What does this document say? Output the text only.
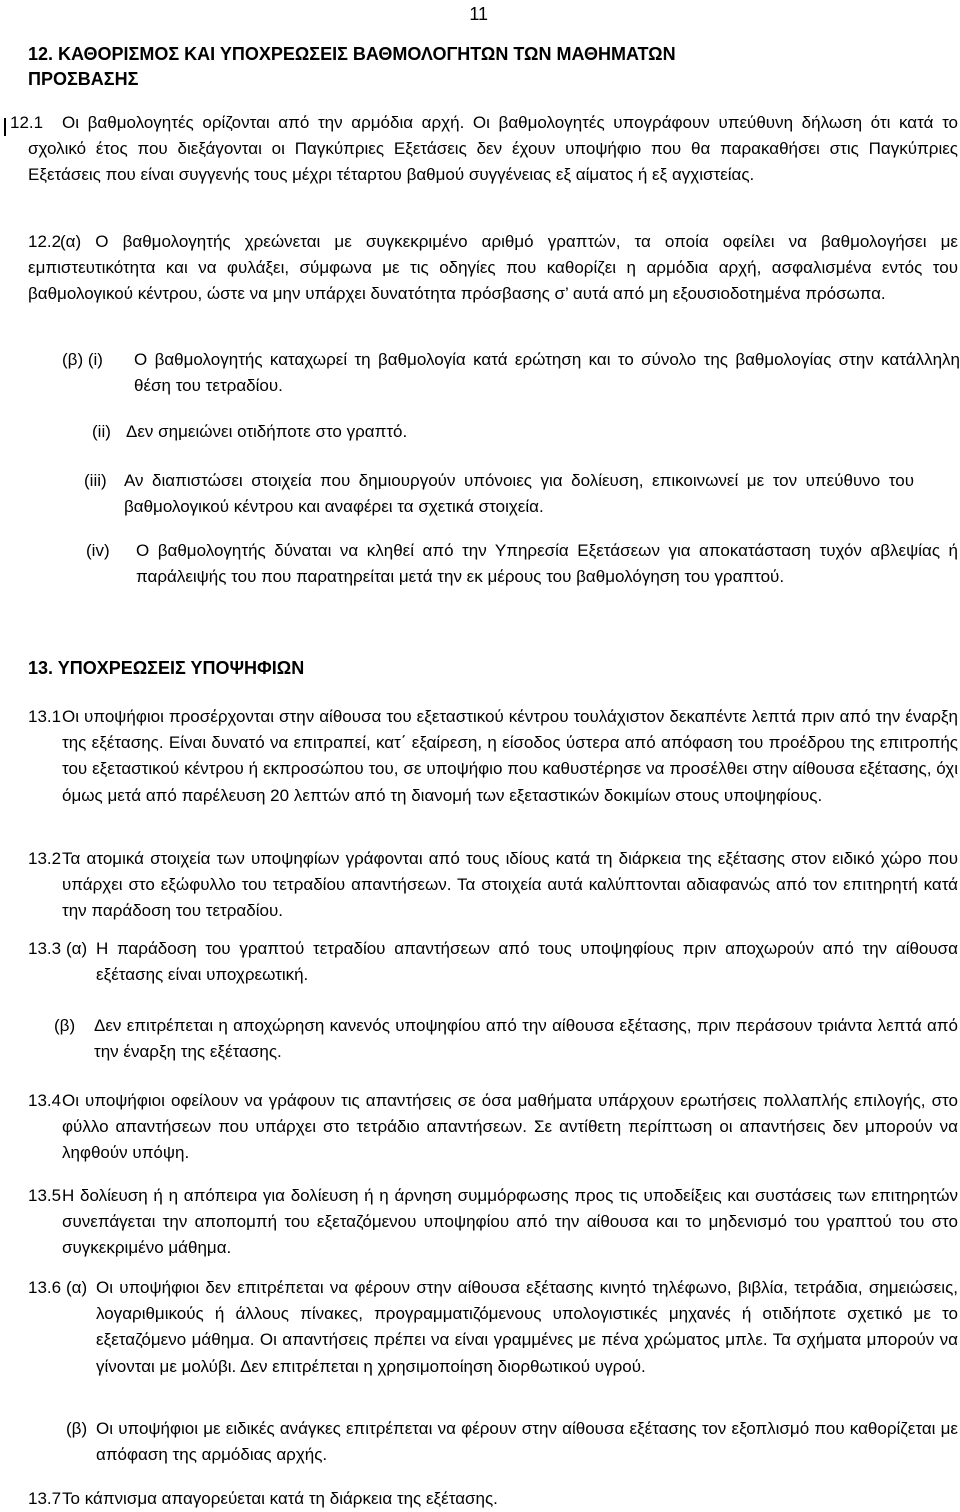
11
12. ΚΑΘΟΡΙΣΜΟΣ ΚΑΙ ΥΠΟΧΡΕΩΣΕΙΣ ΒΑΘΜΟΛΟΓΗΤΩΝ ΤΩΝ ΜΑΘΗΜΑΤΩΝ ΠΡΟΣΒΑΣΗΣ
12.1	Οι βαθμολογητές ορίζονται από την αρμόδια αρχή. Οι βαθμολογητές υπογράφουν υπεύθυνη δήλωση ότι κατά το σχολικό έτος που διεξάγονται οι Παγκύπριες Εξετάσεις δεν έχουν υποψήφιο που θα παρακαθήσει στις Παγκύπριες Εξετάσεις που είναι συγγενής τους μέχρι τέταρτου βαθμού συγγένειας εξ αίματος ή εξ αγχιστείας.
12.2
(α) Ο βαθμολογητής χρεώνεται με συγκεκριμένο αριθμό γραπτών, τα οποία οφείλει να βαθμολογήσει με εμπιστευτικότητα και να φυλάξει, σύμφωνα με τις οδηγίες που καθορίζει η αρμόδια αρχή, ασφαλισμένα εντός του βαθμολογικού κέντρου, ώστε να μην υπάρχει δυνατότητα πρόσβασης σ’ αυτά από μη εξουσιοδοτημένα πρόσωπα.
(β) (i) Ο βαθμολογητής καταχωρεί τη βαθμολογία κατά ερώτηση και το σύνολο της βαθμολογίας στην κατάλληλη θέση του τετραδίου.
(ii) Δεν σημειώνει οτιδήποτε στο γραπτό.
(iii) Αν διαπιστώσει στοιχεία που δημιουργούν υπόνοιες για δολίευση, επικοινωνεί με τον υπεύθυνο του βαθμολογικού κέντρου και αναφέρει τα σχετικά στοιχεία.
(iv) Ο βαθμολογητής δύναται να κληθεί από την Υπηρεσία Εξετάσεων για αποκατάσταση τυχόν αβλεψίας ή παράλειψής του που παρατηρείται μετά την εκ μέρους του βαθμολόγηση του γραπτού.
13. ΥΠΟΧΡΕΩΣΕΙΣ ΥΠΟΨΗΦΙΩΝ
13.1 Οι υποψήφιοι προσέρχονται στην αίθουσα του εξεταστικού κέντρου τουλάχιστον δεκαπέντε λεπτά πριν από την έναρξη της εξέτασης. Είναι δυνατό να επιτραπεί, κατ΄ εξαίρεση, η είσοδος ύστερα από απόφαση του προέδρου της επιτροπής του εξεταστικού κέντρου ή εκπροσώπου του, σε υποψήφιο που καθυστέρησε να προσέλθει στην αίθουσα εξέτασης, όχι όμως μετά από παρέλευση 20 λεπτών από τη διανομή των εξεταστικών δοκιμίων στους υποψηφίους.
13.2 Τα ατομικά στοιχεία των υποψηφίων γράφονται από τους ιδίους κατά τη διάρκεια της εξέτασης στον ειδικό χώρο που υπάρχει στο εξώφυλλο του τετραδίου απαντήσεων. Τα στοιχεία αυτά καλύπτονται αδιαφανώς από τον επιτηρητή κατά την παράδοση του τετραδίου.
13.3 (α) Η παράδοση του γραπτού τετραδίου απαντήσεων από τους υποψηφίους πριν αποχωρούν από την αίθουσα εξέτασης είναι υποχρεωτική.
(β) Δεν επιτρέπεται η αποχώρηση κανενός υποψηφίου από την αίθουσα εξέτασης, πριν περάσουν τριάντα λεπτά από την έναρξη της εξέτασης.
13.4 Οι υποψήφιοι οφείλουν να γράφουν τις απαντήσεις σε όσα μαθήματα υπάρχουν ερωτήσεις πολλαπλής επιλογής, στο φύλλο απαντήσεων που υπάρχει στο τετράδιο απαντήσεων. Σε αντίθετη περίπτωση οι απαντήσεις δεν μπορούν να ληφθούν υπόψη.
13.5 Η δολίευση ή η απόπειρα για δολίευση ή η άρνηση συμμόρφωσης προς τις υποδείξεις και συστάσεις των επιτηρητών συνεπάγεται την αποπομπή του εξεταζόμενου υποψηφίου από την αίθουσα και το μηδενισμό του γραπτού του στο συγκεκριμένο μάθημα.
13.6 (α) Οι υποψήφιοι δεν επιτρέπεται να φέρουν στην αίθουσα εξέτασης κινητό τηλέφωνο, βιβλία, τετράδια, σημειώσεις, λογαριθμικούς ή άλλους πίνακες, προγραμματιζόμενους υπολογιστικές μηχανές ή οτιδήποτε σχετικό με το εξεταζόμενο μάθημα. Οι απαντήσεις πρέπει να είναι γραμμένες με πένα χρώματος μπλε. Τα σχήματα μπορούν να γίνονται με μολύβι. Δεν επιτρέπεται η χρησιμοποίηση διορθωτικού υγρού.
(β) Οι υποψήφιοι με ειδικές ανάγκες επιτρέπεται να φέρουν στην αίθουσα εξέτασης τον εξοπλισμό που καθορίζεται με απόφαση της αρμόδιας αρχής.
13.7 Το κάπνισμα απαγορεύεται κατά τη διάρκεια της εξέτασης.
